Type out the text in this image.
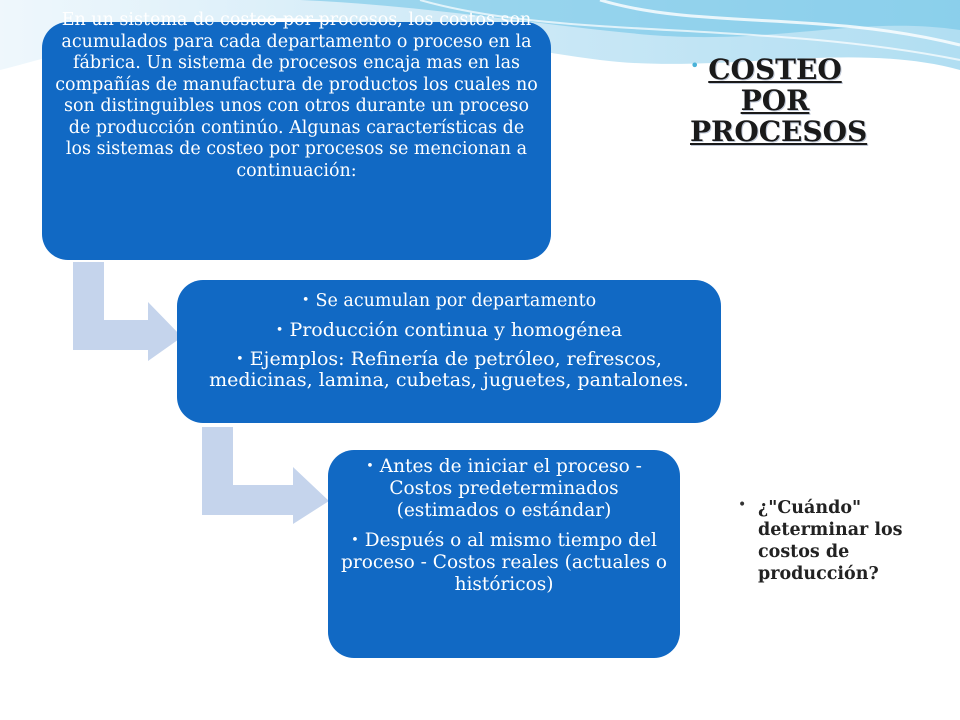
En un sistema de costeo por procesos, los costos son acumulados para cada departamento o proceso en la fábrica. Un sistema de procesos encaja mas en las compañías de manufactura de productos los cuales no son distinguibles unos con otros durante un proceso de producción continúo. Algunas características de los sistemas de costeo por procesos se mencionan a continuación:

• Se acumulan por departamento
• Producción continua y homogénea
• Ejemplos: Refinería de petróleo, refrescos, medicinas, lamina, cubetas, juguetes, pantalones.
• Antes de iniciar el proceso - Costos predeterminados (estimados o estándar)
• Después o al mismo tiempo del proceso - Costos reales (actuales o históricos)
• COSTEO POR PROCESOS
• ¿"Cuándo" determinar los costos de producción?
